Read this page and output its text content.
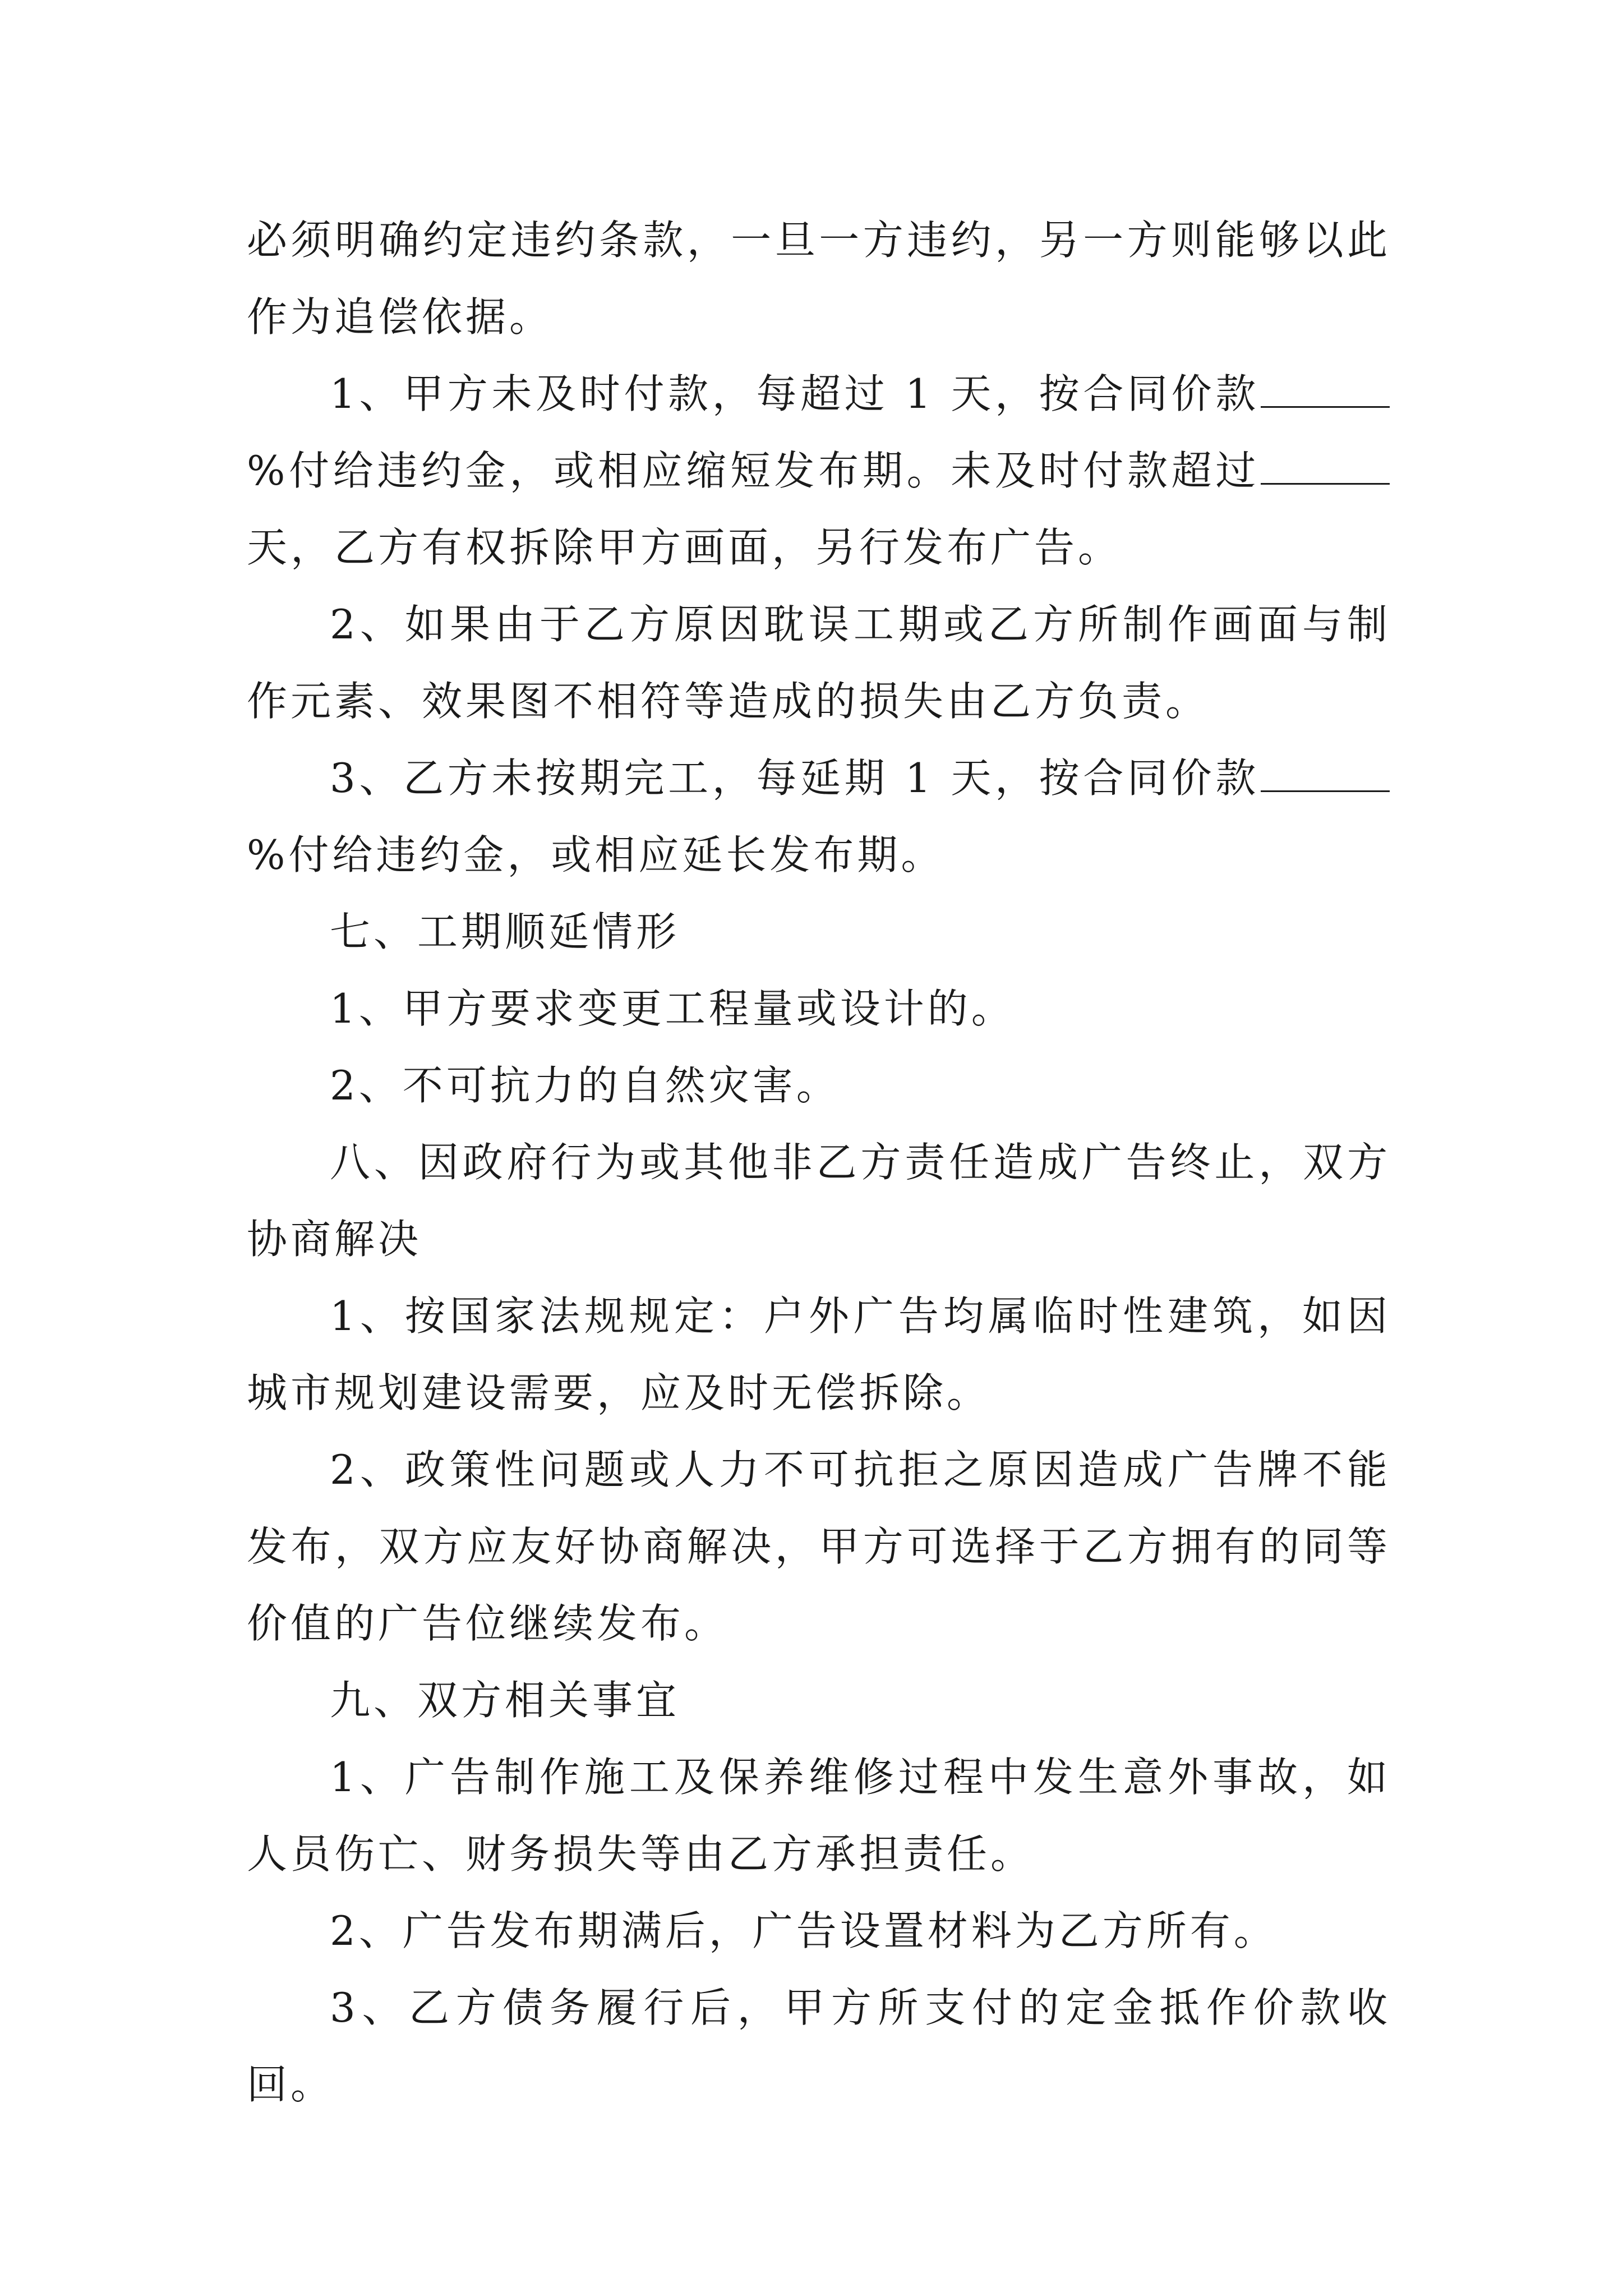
必须明确约定违约条款，一旦一方违约，另一方则能够以此作为追偿依据。

1、甲方未及时付款，每超过 1 天，按合同价款%付给违约金，或相应缩短发布期。未及时付款超过天，乙方有权拆除甲方画面，另行发布广告。

2、如果由于乙方原因耽误工期或乙方所制作画面与制作元素、效果图不相符等造成的损失由乙方负责。

3、乙方未按期完工，每延期 1 天，按合同价款%付给违约金，或相应延长发布期。

七、工期顺延情形

1、甲方要求变更工程量或设计的。

2、不可抗力的自然灾害。

八、因政府行为或其他非乙方责任造成广告终止，双方协商解决

1、按国家法规规定：户外广告均属临时性建筑，如因城市规划建设需要，应及时无偿拆除。

2、政策性问题或人力不可抗拒之原因造成广告牌不能发布，双方应友好协商解决，甲方可选择于乙方拥有的同等价值的广告位继续发布。

九、双方相关事宜

1、广告制作施工及保养维修过程中发生意外事故，如人员伤亡、财务损失等由乙方承担责任。

2、广告发布期满后，广告设置材料为乙方所有。

3、乙方债务履行后，甲方所支付的定金抵作价款收回。
